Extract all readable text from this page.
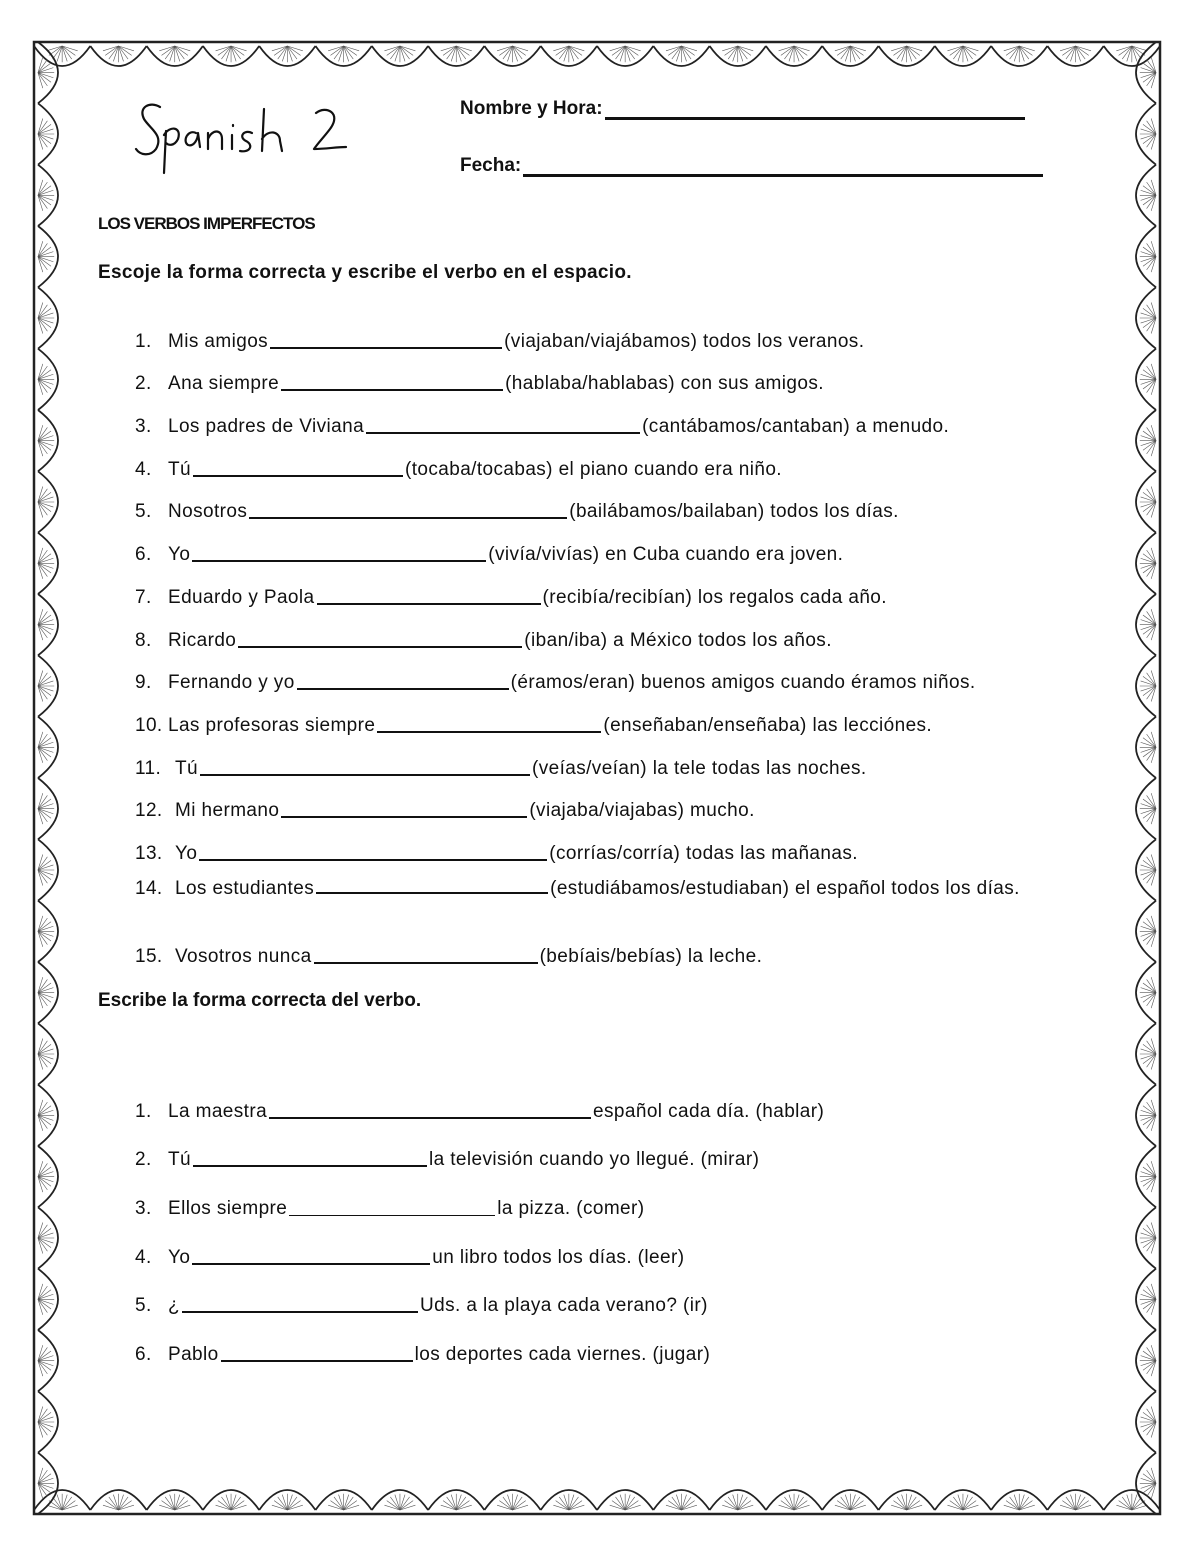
Nombre y Hora:
Fecha:
LOS VERBOS IMPERFECTOS
Escoje la forma correcta y escribe el verbo en el espacio.
1. Mis amigos	(viajaban/viajábamos) todos los veranos.
2. Ana siempre	(hablaba/hablabas) con sus amigos.
3. Los padres de Viviana	(cantábamos/cantaban) a menudo.
4. Tú	(tocaba/tocabas) el piano cuando era niño.
5. Nosotros	(bailábamos/bailaban) todos los días.
6. Yo	(vivía/vivías) en Cuba cuando era joven.
7. Eduardo y Paola	(recibía/recibían) los regalos cada año.
8. Ricardo	(iban/iba) a México todos los años.
9. Fernando y yo	(éramos/eran) buenos amigos cuando éramos niños.
10. Las profesoras siempre	(enseñaban/enseñaba) las lecciónes.
11. Tú	(veías/veían) la tele todas las noches.
12. Mi hermano	(viajaba/viajabas) mucho.
13. Yo	(corrías/corría) todas las mañanas.
14. Los estudiantes	(estudiábamos/estudiaban) el español todos los días.
15. Vosotros nunca	(bebíais/bebías) la leche.
Escribe la forma correcta del verbo.
1. La maestra	español cada día. (hablar)
2. Tú	la televisión cuando yo llegué. (mirar)
3. Ellos siempre	la pizza. (comer)
4. Yo	un libro todos los días. (leer)
5. ¿	Uds. a la playa cada verano? (ir)
6. Pablo	los deportes cada viernes. (jugar)
